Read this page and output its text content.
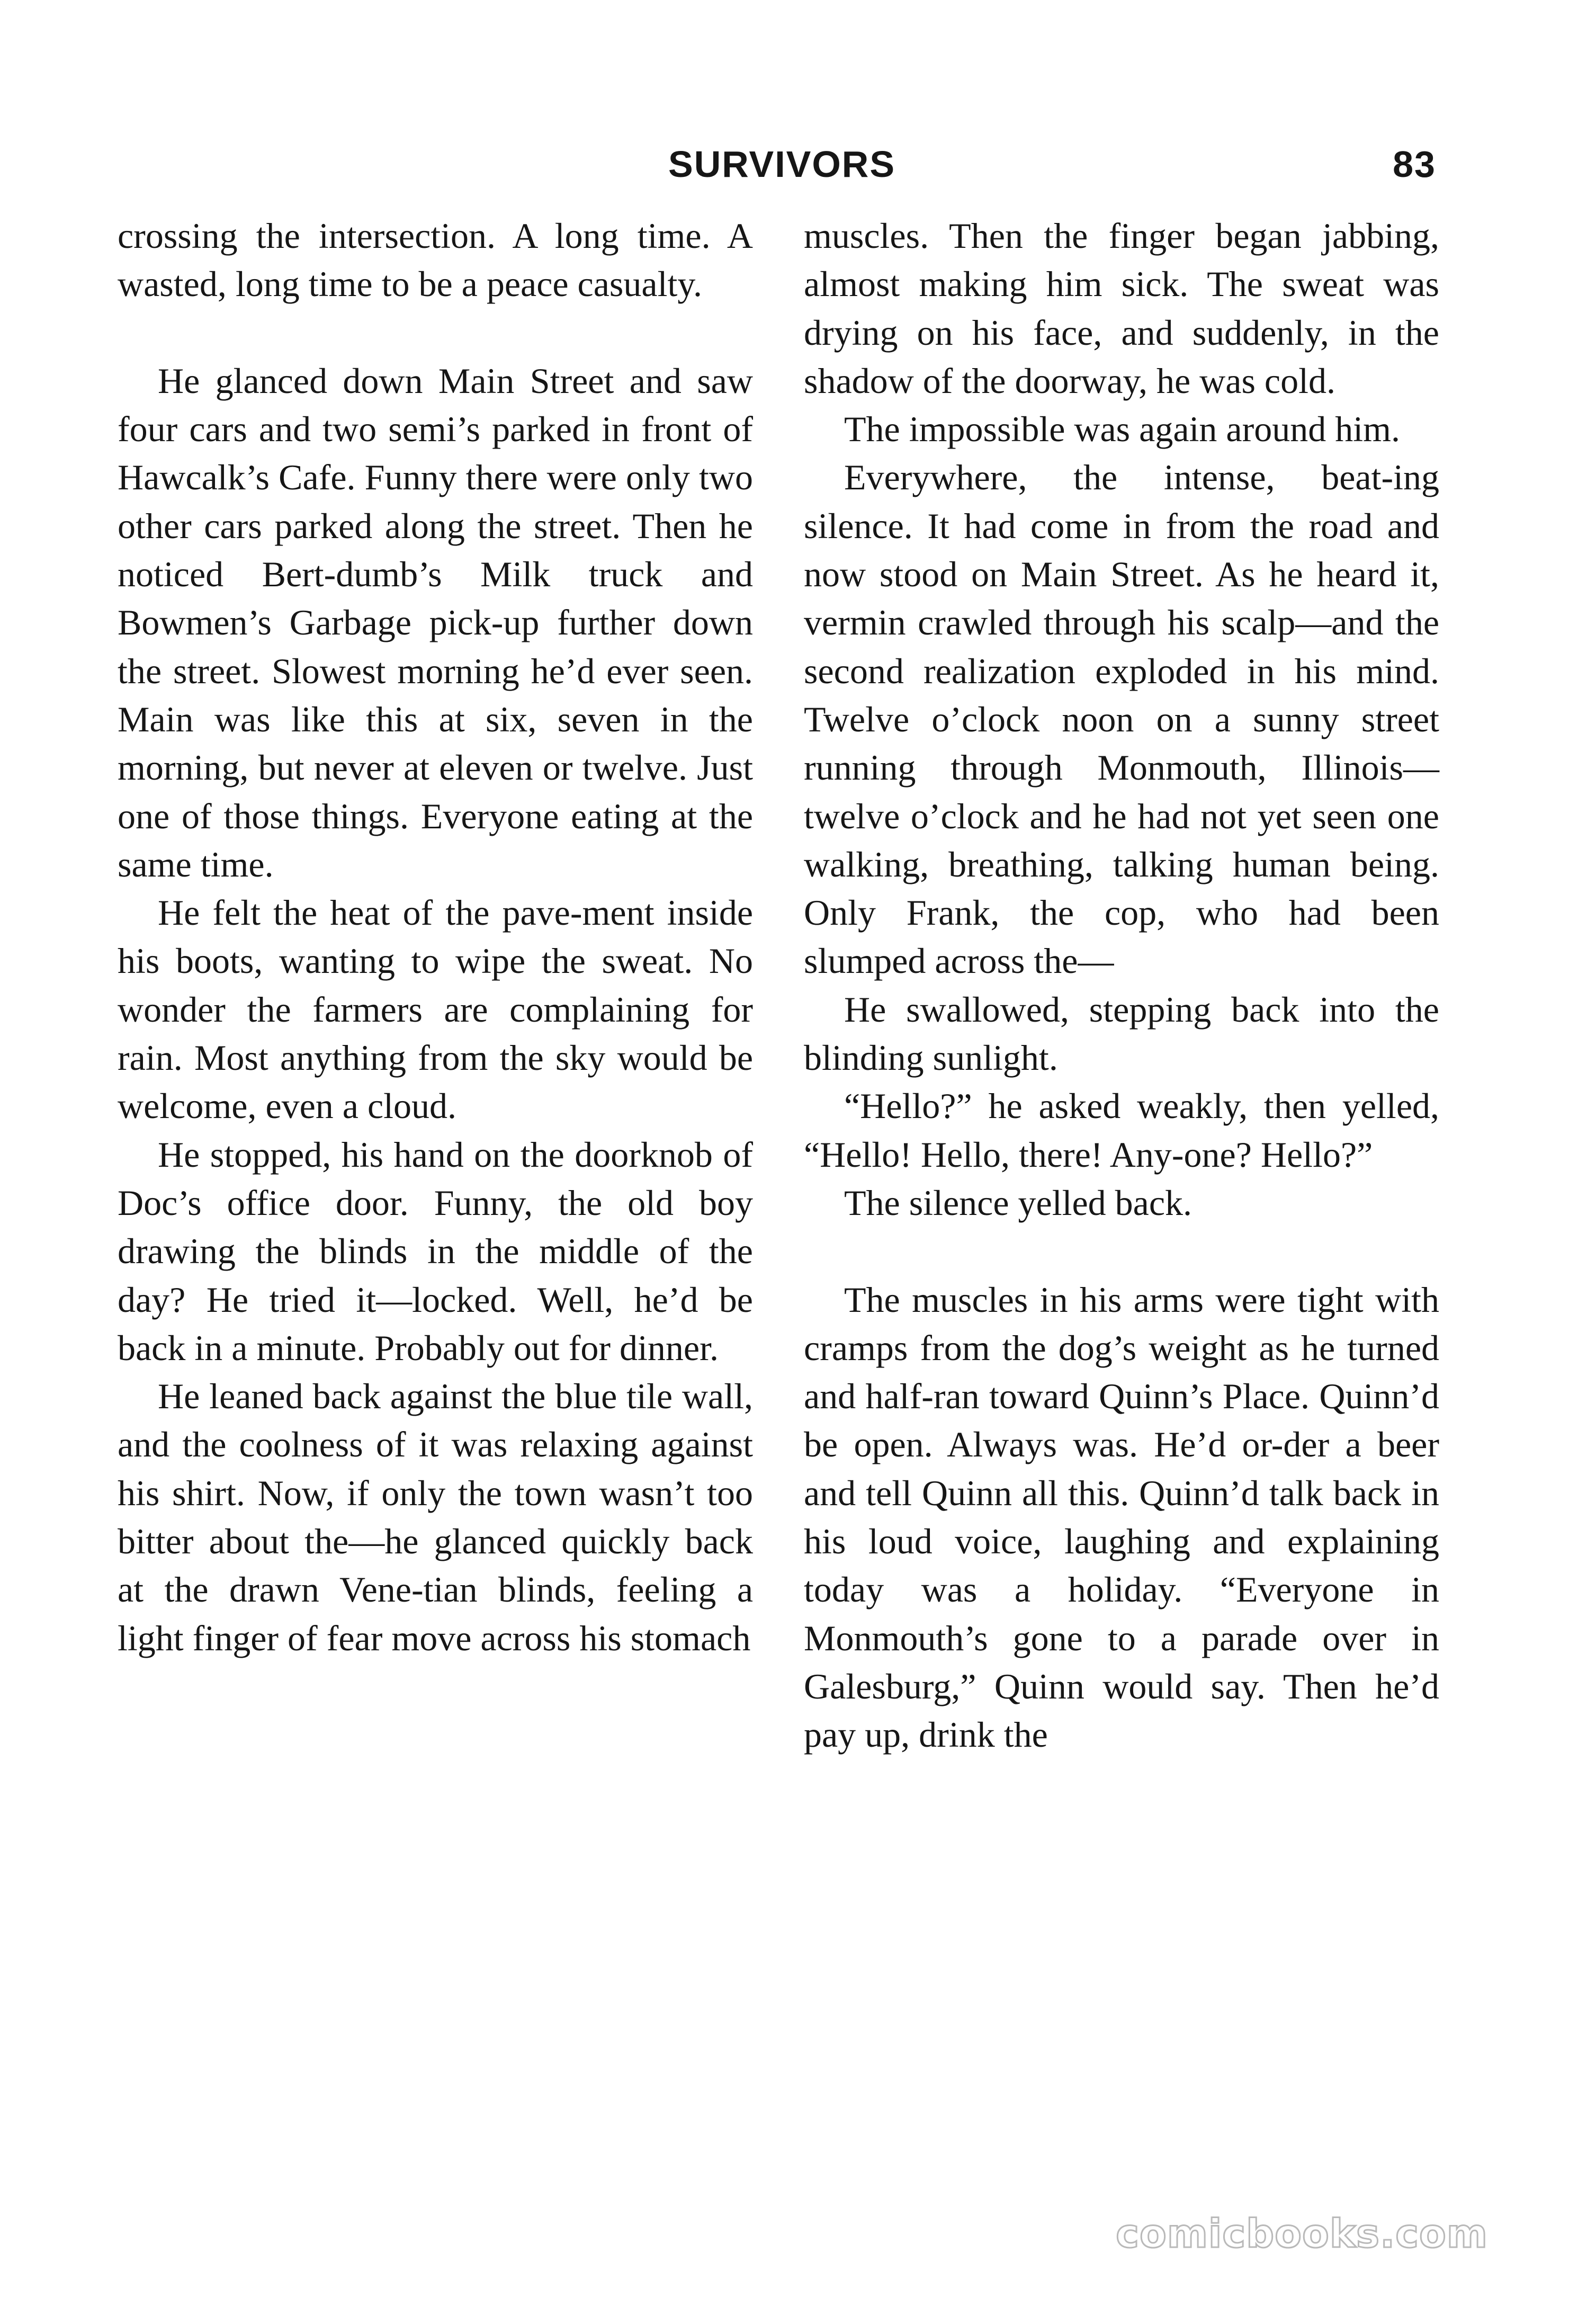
SURVIVORS	83

crossing the intersection. A long time. A wasted, long time to be a peace casualty.

He glanced down Main Street and saw four cars and two semi’s parked in front of Hawcalk’s Cafe. Funny there were only two other cars parked along the street. Then he noticed Bert-dumb’s Milk truck and Bowmen’s Garbage pick-up further down the street. Slowest morning he’d ever seen. Main was like this at six, seven in the morning, but never at eleven or twelve. Just one of those things. Everyone eating at the same time.

He felt the heat of the pave-ment inside his boots, wanting to wipe the sweat. No wonder the farmers are complaining for rain. Most anything from the sky would be welcome, even a cloud.

He stopped, his hand on the doorknob of Doc’s office door. Funny, the old boy drawing the blinds in the middle of the day? He tried it—locked. Well, he’d be back in a minute. Probably out for dinner.

He leaned back against the blue tile wall, and the coolness of it was relaxing against his shirt. Now, if only the town wasn’t too bitter about the—he glanced quickly back at the drawn Vene-tian blinds, feeling a light finger of fear move across his stomach

muscles. Then the finger began jabbing, almost making him sick. The sweat was drying on his face, and suddenly, in the shadow of the doorway, he was cold.

The impossible was again around him.

Everywhere, the intense, beat-ing silence. It had come in from the road and now stood on Main Street. As he heard it, vermin crawled through his scalp—and the second realization exploded in his mind. Twelve o’clock noon on a sunny street running through Monmouth, Illinois—twelve o’clock and he had not yet seen one walking, breathing, talking human being. Only Frank, the cop, who had been slumped across the—

He swallowed, stepping back into the blinding sunlight.

“Hello?” he asked weakly, then yelled, “Hello! Hello, there! Any-one? Hello?”

The silence yelled back.

The muscles in his arms were tight with cramps from the dog’s weight as he turned and half-ran toward Quinn’s Place. Quinn’d be open. Always was. He’d or-der a beer and tell Quinn all this. Quinn’d talk back in his loud voice, laughing and explaining today was a holiday. “Everyone in Monmouth’s gone to a parade over in Galesburg,” Quinn would say. Then he’d pay up, drink the

comicbooks.com
